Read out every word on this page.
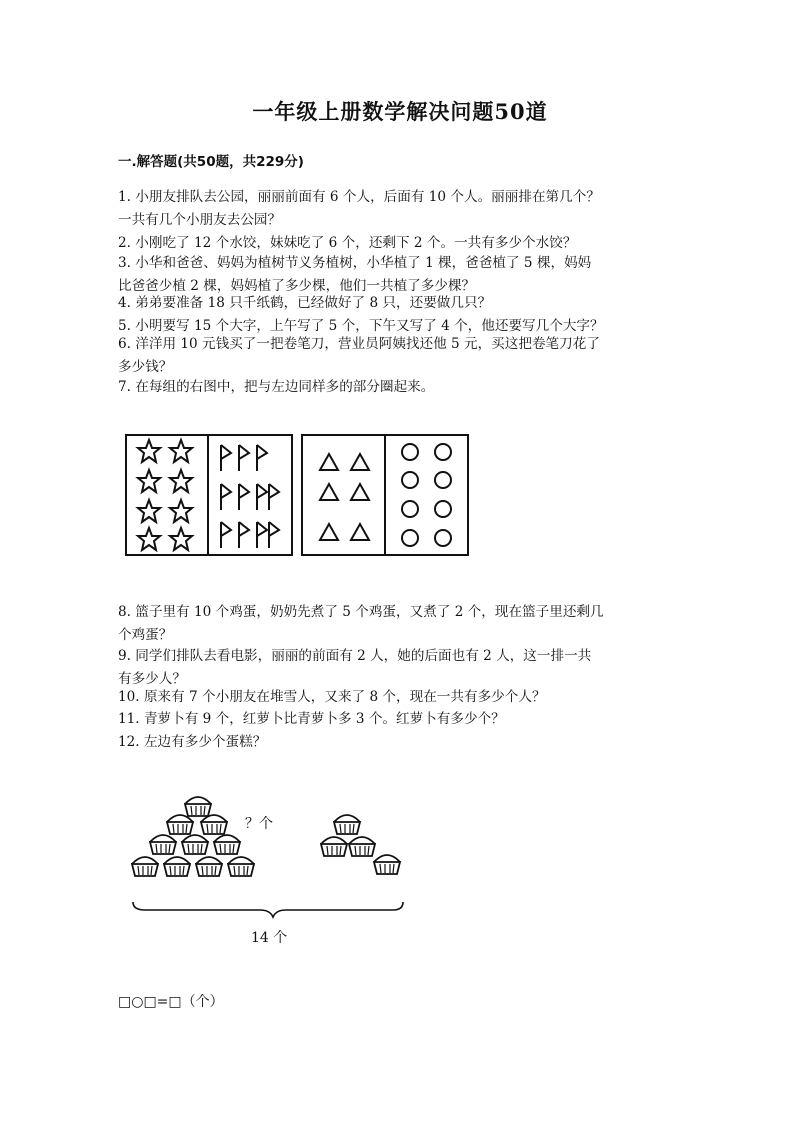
一年级上册数学解决问题50道
一.解答题(共50题，共229分)
1. 小朋友排队去公园，丽丽前面有 6 个人，后面有 10 个人。丽丽排在第几个？
一共有几个小朋友去公园？
2. 小刚吃了 12 个水饺，妹妹吃了 6 个，还剩下 2 个。一共有多少个水饺？
3. 小华和爸爸、妈妈为植树节义务植树，小华植了 1 棵，爸爸植了 5 棵，妈妈
比爸爸少植 2 棵，妈妈植了多少棵，他们一共植了多少棵？
4. 弟弟要准备 18 只千纸鹤，已经做好了 8 只，还要做几只？
5. 小明要写 15 个大字，上午写了 5 个，下午又写了 4 个，他还要写几个大字？
6. 洋洋用 10 元钱买了一把卷笔刀，营业员阿姨找还他 5 元，买这把卷笔刀花了
多少钱？
7. 在每组的右图中，把与左边同样多的部分圈起来。
8. 篮子里有 10 个鸡蛋，奶奶先煮了 5 个鸡蛋，又煮了 2 个，现在篮子里还剩几
个鸡蛋？
9. 同学们排队去看电影，丽丽的前面有 2 人，她的后面也有 2 人，这一排一共
有多少人？
10. 原来有 7 个小朋友在堆雪人，又来了 8 个，现在一共有多少个人？
11. 青萝卜有 9 个，红萝卜比青萝卜多 3 个。红萝卜有多少个？
12. 左边有多少个蛋糕？
？个
14 个
□○□=□（个）
